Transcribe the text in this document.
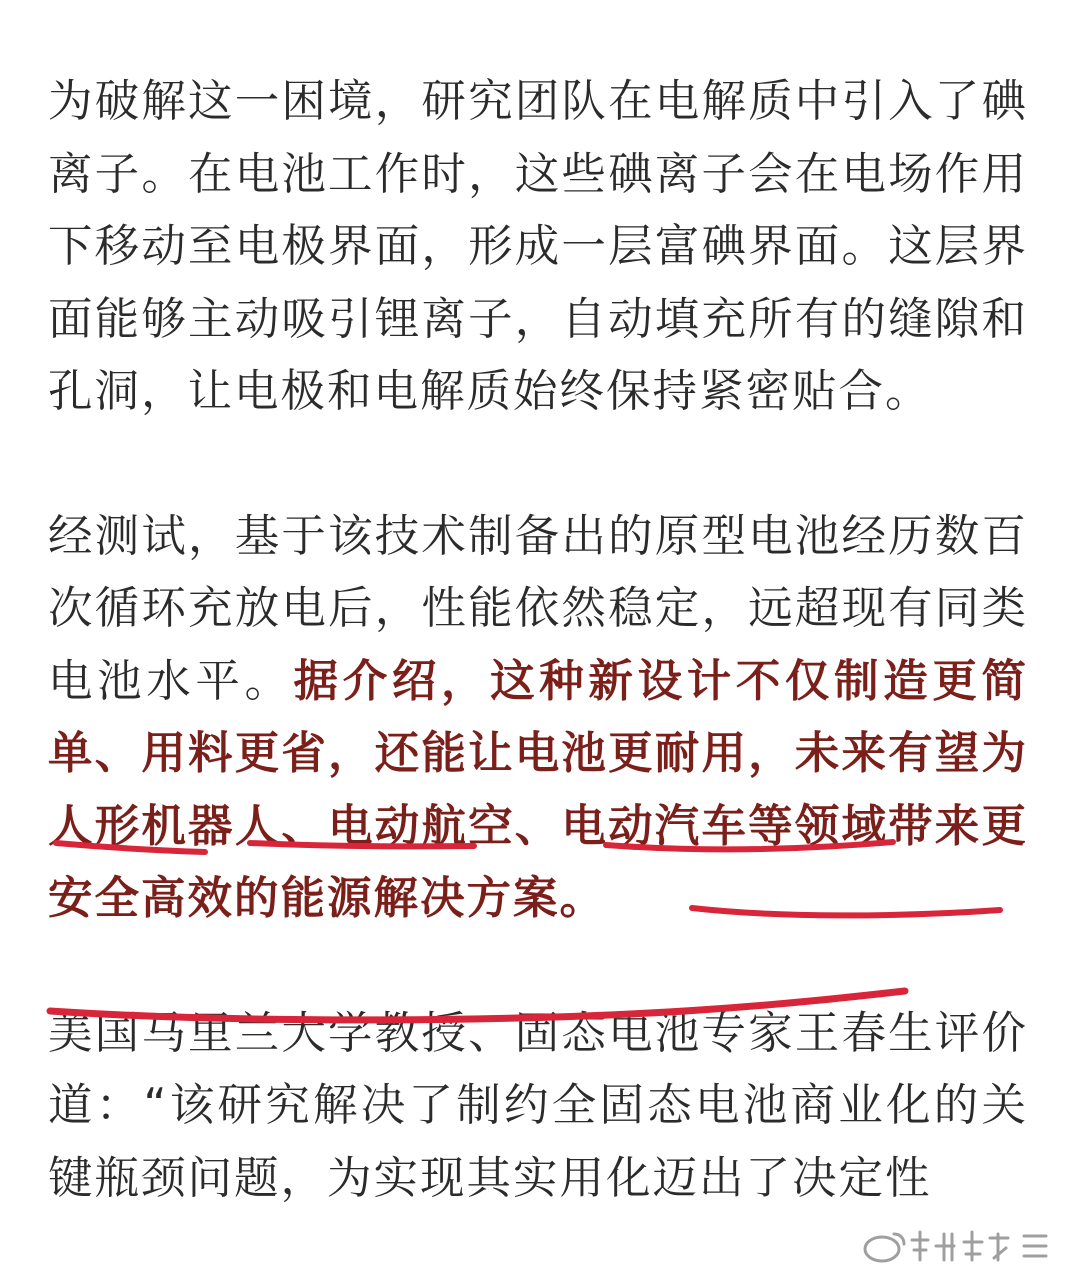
为破解这一困境，研究团队在电解质中引入了碘离子。在电池工作时，这些碘离子会在电场作用下移动至电极界面，形成一层富碘界面。这层界面能够主动吸引锂离子，自动填充所有的缝隙和孔洞，让电极和电解质始终保持紧密贴合。

经测试，基于该技术制备出的原型电池经历数百次循环充放电后，性能依然稳定，远超现有同类电池水平。据介绍，这种新设计不仅制造更简单、用料更省，还能让电池更耐用，未来有望为人形机器人、电动航空、电动汽车等领域带来更安全高效的能源解决方案。

美国马里兰大学教授、固态电池专家王春生评价道：“该研究解决了制约全固态电池商业化的关键瓶颈问题，为实现其实用化迈出了决定性
